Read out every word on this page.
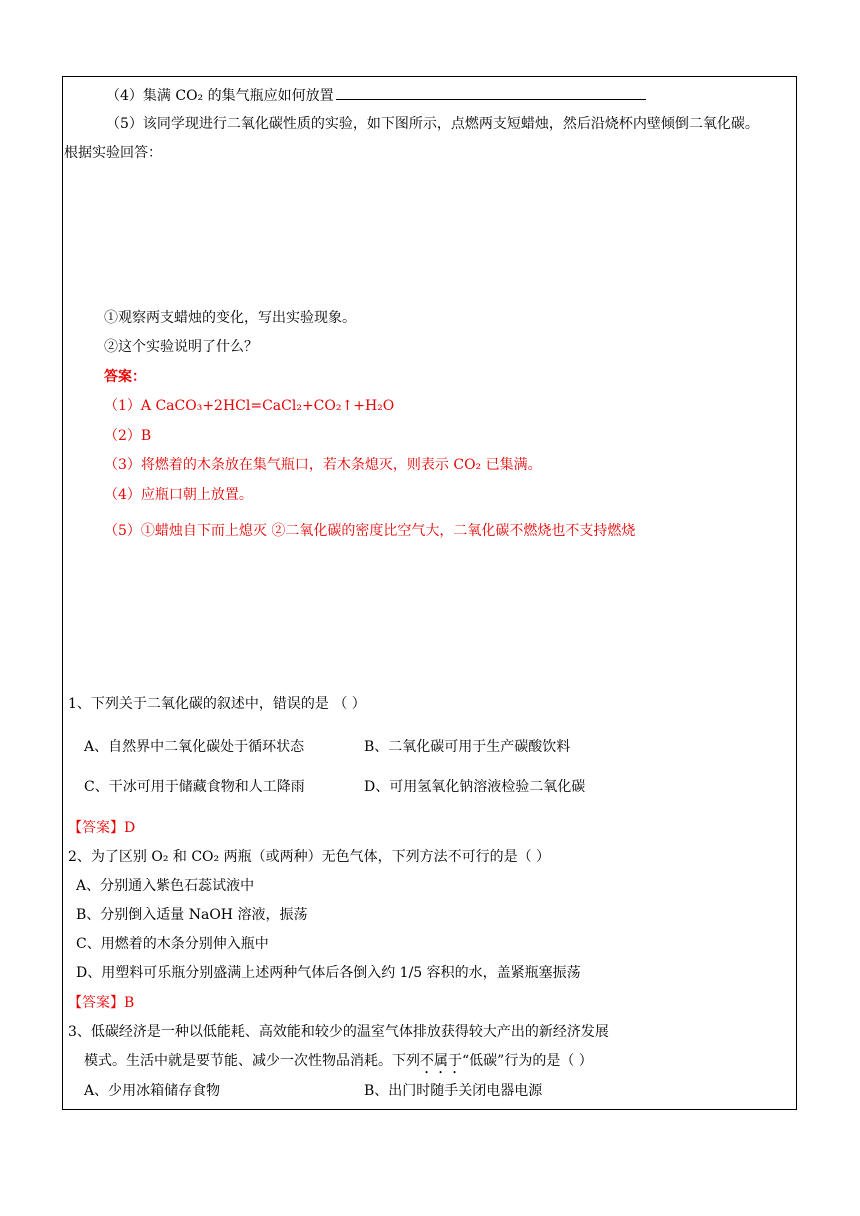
（4）集满 CO₂ 的集气瓶应如何放置
（5）该同学现进行二氧化碳性质的实验，如下图所示，点燃两支短蜡烛，然后沿烧杯内壁倾倒二氧化碳。
根据实验回答：
①观察两支蜡烛的变化，写出实验现象。
②这个实验说明了什么？
答案：
（1）A CaCO₃+2HCl=CaCl₂+CO₂↑+H₂O
（2）B
（3）将燃着的木条放在集气瓶口，若木条熄灭，则表示 CO₂ 已集满。
（4）应瓶口朝上放置。
（5）①蜡烛自下而上熄灭 ②二氧化碳的密度比空气大，二氧化碳不燃烧也不支持燃烧
1、下列关于二氧化碳的叙述中，错误的是 （ ）
A、自然界中二氧化碳处于循环状态	B、二氧化碳可用于生产碳酸饮料
C、干冰可用于储藏食物和人工降雨	D、可用氢氧化钠溶液检验二氧化碳
【答案】D
2、为了区别 O₂ 和 CO₂ 两瓶（或两种）无色气体，下列方法不可行的是（ ）
A、分别通入紫色石蕊试液中
B、分别倒入适量 NaOH 溶液，振荡
C、用燃着的木条分别伸入瓶中
D、用塑料可乐瓶分别盛满上述两种气体后各倒入约 1/5 容积的水，盖紧瓶塞振荡
【答案】B
3、低碳经济是一种以低能耗、高效能和较少的温室气体排放获得较大产出的新经济发展
模式。生活中就是要节能、减少一次性物品消耗。下列不属于“低碳”行为的是（ ）
A、少用冰箱储存食物	B、出门时随手关闭电器电源
